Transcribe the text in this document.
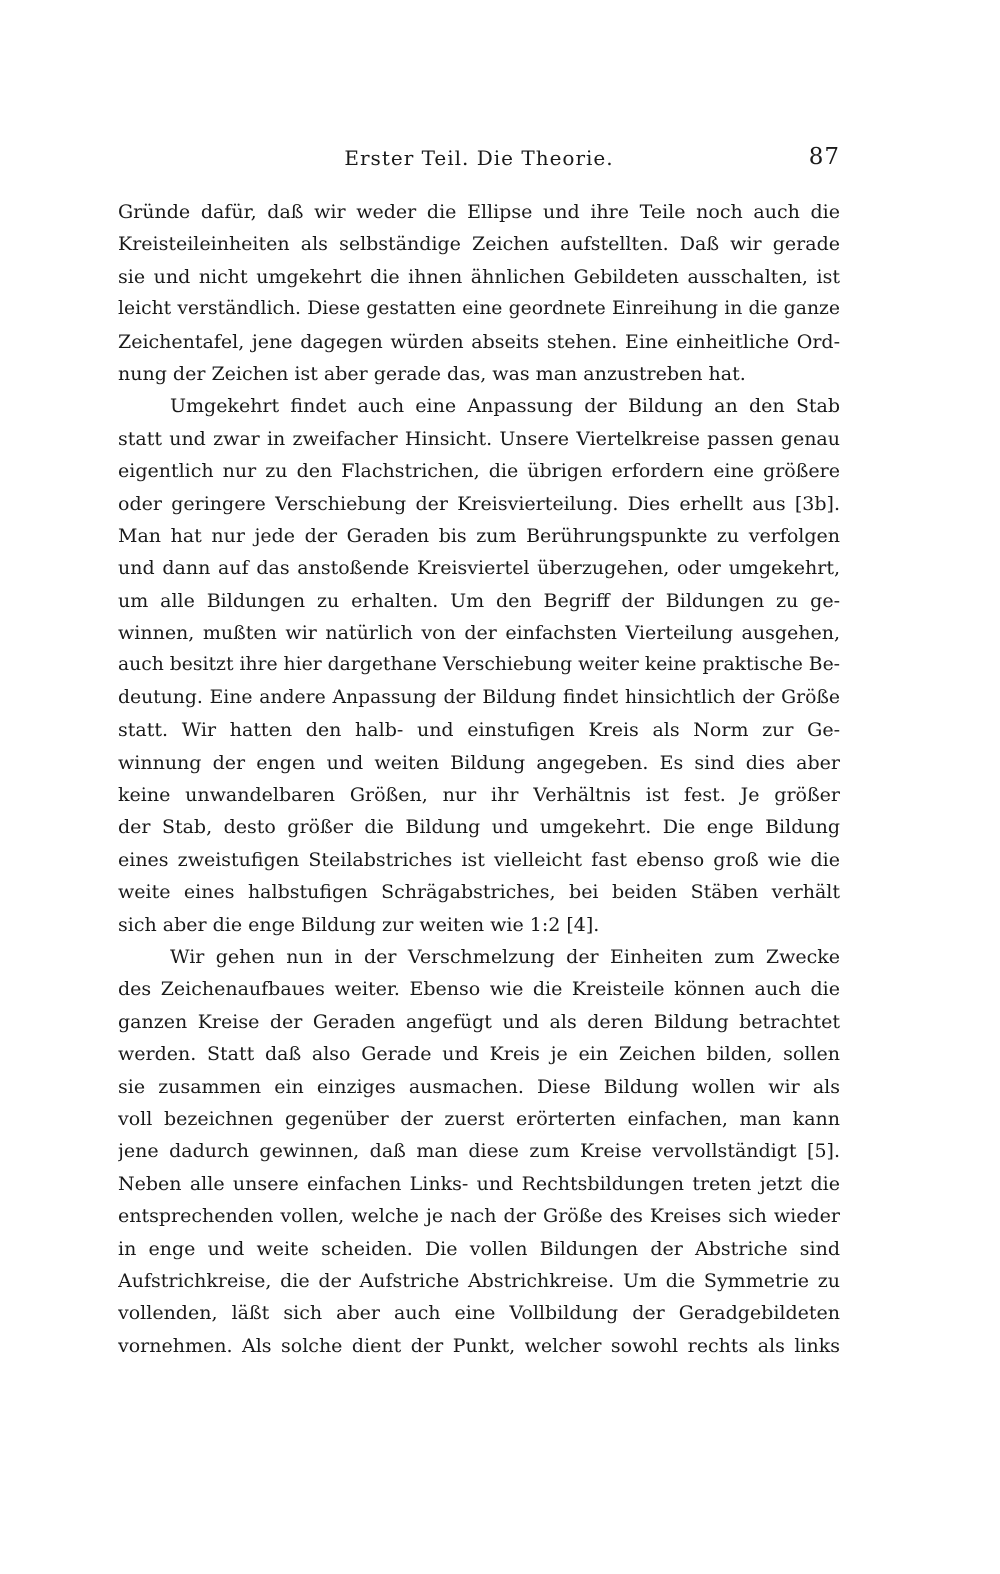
Erster Teil. Die Theorie.	87
Gründe dafür, daß wir weder die Ellipse und ihre Teile noch auch die
Kreisteileinheiten als selbständige Zeichen aufstellten. Daß wir gerade
sie und nicht umgekehrt die ihnen ähnlichen Gebildeten ausschalten, ist
leicht verständlich. Diese gestatten eine geordnete Einreihung in die ganze
Zeichentafel, jene dagegen würden abseits stehen. Eine einheitliche Ord-
nung der Zeichen ist aber gerade das, was man anzustreben hat.
Umgekehrt findet auch eine Anpassung der Bildung an den Stab
statt und zwar in zweifacher Hinsicht. Unsere Viertelkreise passen genau
eigentlich nur zu den Flachstrichen, die übrigen erfordern eine größere
oder geringere Verschiebung der Kreisvierteilung. Dies erhellt aus [3b].
Man hat nur jede der Geraden bis zum Berührungspunkte zu verfolgen
und dann auf das anstoßende Kreisviertel überzugehen, oder umgekehrt,
um alle Bildungen zu erhalten. Um den Begriff der Bildungen zu ge-
winnen, mußten wir natürlich von der einfachsten Vierteilung ausgehen,
auch besitzt ihre hier dargethane Verschiebung weiter keine praktische Be-
deutung. Eine andere Anpassung der Bildung findet hinsichtlich der Größe
statt. Wir hatten den halb- und einstufigen Kreis als Norm zur Ge-
winnung der engen und weiten Bildung angegeben. Es sind dies aber
keine unwandelbaren Größen, nur ihr Verhältnis ist fest. Je größer
der Stab, desto größer die Bildung und umgekehrt. Die enge Bildung
eines zweistufigen Steilabstriches ist vielleicht fast ebenso groß wie die
weite eines halbstufigen Schrägabstriches, bei beiden Stäben verhält
sich aber die enge Bildung zur weiten wie 1:2 [4].
Wir gehen nun in der Verschmelzung der Einheiten zum Zwecke
des Zeichenaufbaues weiter. Ebenso wie die Kreisteile können auch die
ganzen Kreise der Geraden angefügt und als deren Bildung betrachtet
werden. Statt daß also Gerade und Kreis je ein Zeichen bilden, sollen
sie zusammen ein einziges ausmachen. Diese Bildung wollen wir als
voll bezeichnen gegenüber der zuerst erörterten einfachen, man kann
jene dadurch gewinnen, daß man diese zum Kreise vervollständigt [5].
Neben alle unsere einfachen Links- und Rechtsbildungen treten jetzt die
entsprechenden vollen, welche je nach der Größe des Kreises sich wieder
in enge und weite scheiden. Die vollen Bildungen der Abstriche sind
Aufstrichkreise, die der Aufstriche Abstrichkreise. Um die Symmetrie zu
vollenden, läßt sich aber auch eine Vollbildung der Geradgebildeten
vornehmen. Als solche dient der Punkt, welcher sowohl rechts als links
